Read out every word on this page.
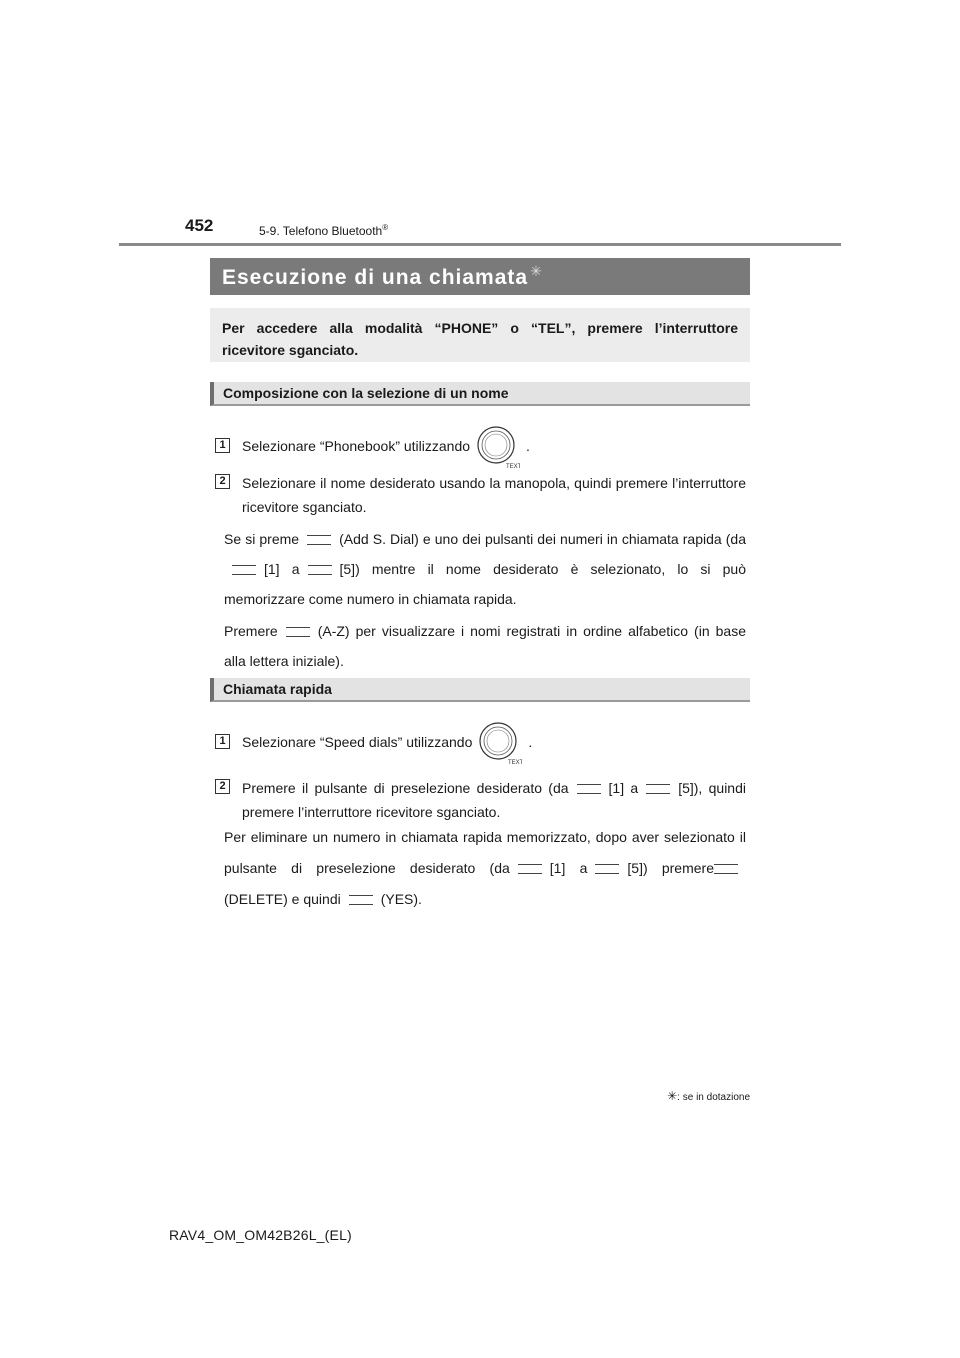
452	5-9. Telefono Bluetooth®
Esecuzione di una chiamata ✳
Per accedere alla modalità “PHONE” o “TEL”, premere l’interruttore ricevitore sganciato.
Composizione con la selezione di un nome
1	Selezionare “Phonebook” utilizzando
TEXT
.
2	Selezionare il nome desiderato usando la manopola, quindi premere l’interruttore ricevitore sganciato.
Se si preme	(Add S. Dial) e uno dei pulsanti dei numeri in chiamata rapida (da[1] a	[5]) mentre il nome desiderato è selezionato, lo si può memorizzare come numero in chiamata rapida.
Premere	(A-Z) per visualizzare i nomi registrati in ordine alfabetico (in base alla lettera iniziale).
Chiamata rapida
1	Selezionare “Speed dials” utilizzando
TEXT
.
2	Premere il pulsante di preselezione desiderato (da	[1] a	[5]), quindi premere l’interruttore ricevitore sganciato.
Per eliminare un numero in chiamata rapida memorizzato, dopo aver selezionato il pulsante di preselezione desiderato (da	[1] a	[5]) premere(DELETE) e quindi	(YES).
✳: se in dotazione
RAV4_OM_OM42B26L_(EL)
